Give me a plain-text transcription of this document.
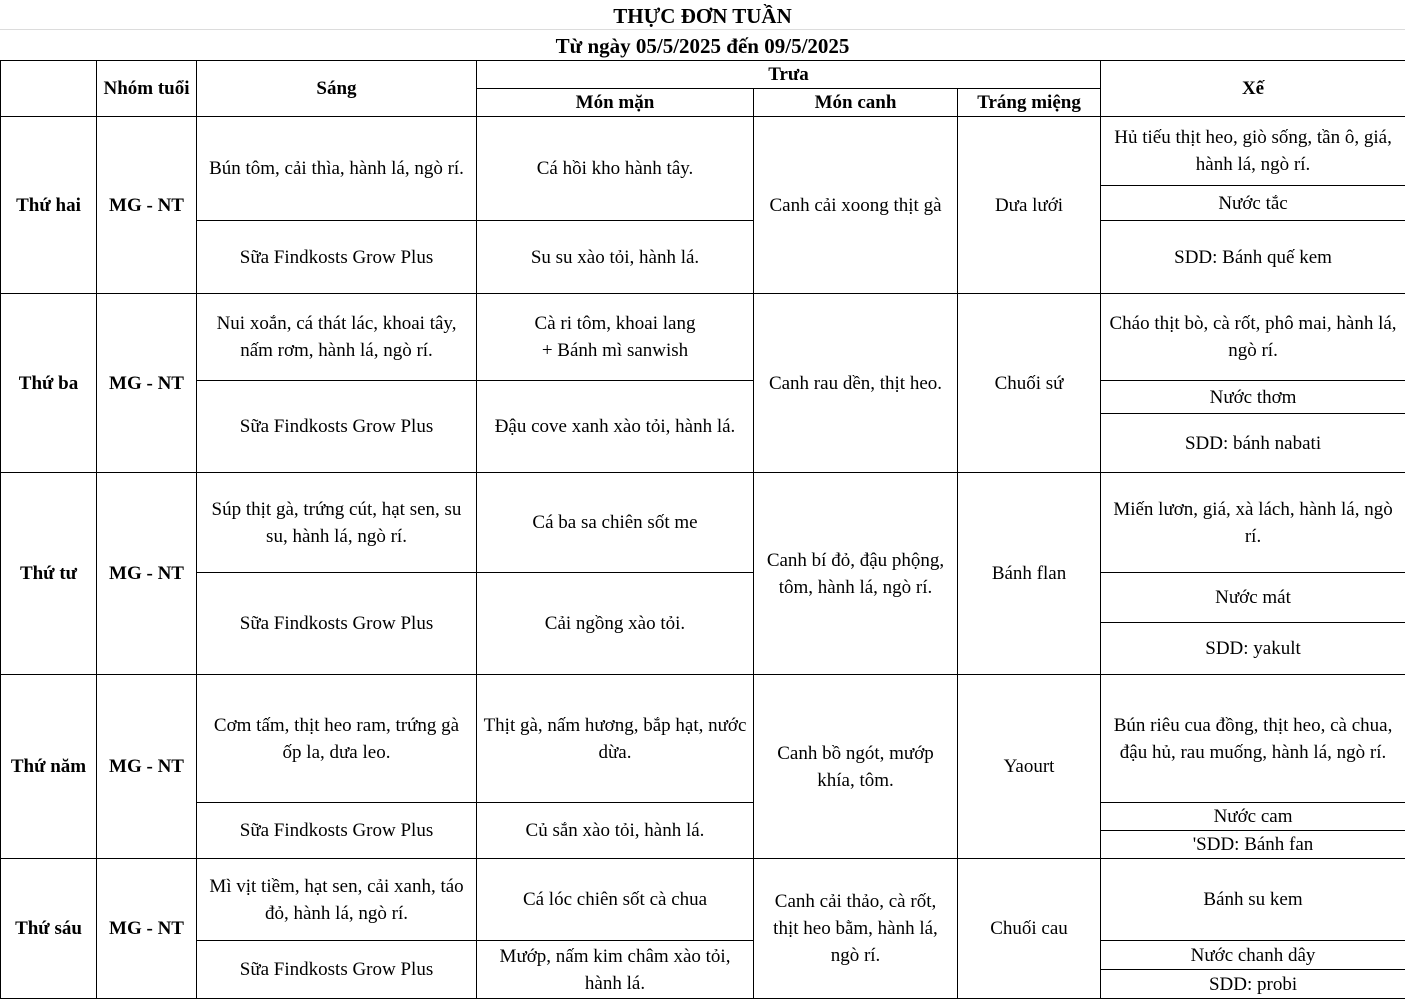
THỰC ĐƠN TUẦN
Từ ngày 05/5/2025 đến 09/5/2025
	Nhóm tuổi	Sáng	Trưa			Xế
			Món mặn	Món canh	Tráng miệng	
Thứ hai	MG - NT	Bún tôm, cải thìa, hành lá, ngò rí.	Cá hồi kho hành tây.	Canh cải xoong thịt gà	Dưa lưới	Hủ tiếu thịt heo, giò sống, tần ô, giá, hành lá, ngò rí.
						Nước tắc
		Sữa Findkosts Grow Plus	Su su xào tỏi, hành lá.			SDD: Bánh quế kem
Thứ ba	MG - NT	Nui xoắn, cá thát lác, khoai tây, nấm rơm, hành lá, ngò rí.	Cà ri tôm, khoai lang
+ Bánh mì sanwish	Canh rau dền, thịt heo.	Chuối sứ	Cháo thịt bò, cà rốt, phô mai, hành lá, ngò rí.
		Sữa Findkosts Grow Plus	Đậu cove xanh xào tỏi, hành lá.			Nước thơm
						SDD: bánh nabati
Thứ tư	MG - NT	Súp thịt gà, trứng cút, hạt sen, su su, hành lá, ngò rí.	Cá ba sa chiên sốt me	Canh bí đỏ, đậu phộng, tôm, hành lá, ngò rí.	Bánh flan	Miến lươn, giá, xà lách, hành lá, ngò rí.
		Sữa Findkosts Grow Plus	Cải ngồng xào tỏi.			Nước mát
						SDD: yakult
Thứ năm	MG - NT	Cơm tấm, thịt heo ram, trứng gà ốp la, dưa leo.	Thịt gà, nấm hương, bắp hạt, nước dừa.	Canh bồ ngót, mướp khía, tôm.	Yaourt	Bún riêu cua đồng, thịt heo, cà chua, đậu hủ, rau muống, hành lá, ngò rí.
		Sữa Findkosts Grow Plus	Củ sắn xào tỏi, hành lá.			Nước cam
						'SDD: Bánh fan
Thứ sáu	MG - NT	Mì vịt tiềm, hạt sen, cải xanh, táo đỏ, hành lá, ngò rí.	Cá lóc chiên sốt cà chua	Canh cải thảo, cà rốt, thịt heo bằm, hành lá, ngò rí.	Chuối cau	Bánh su kem
		Sữa Findkosts Grow Plus	Mướp, nấm kim châm xào tỏi, hành lá.			Nước chanh dây
						SDD: probi
